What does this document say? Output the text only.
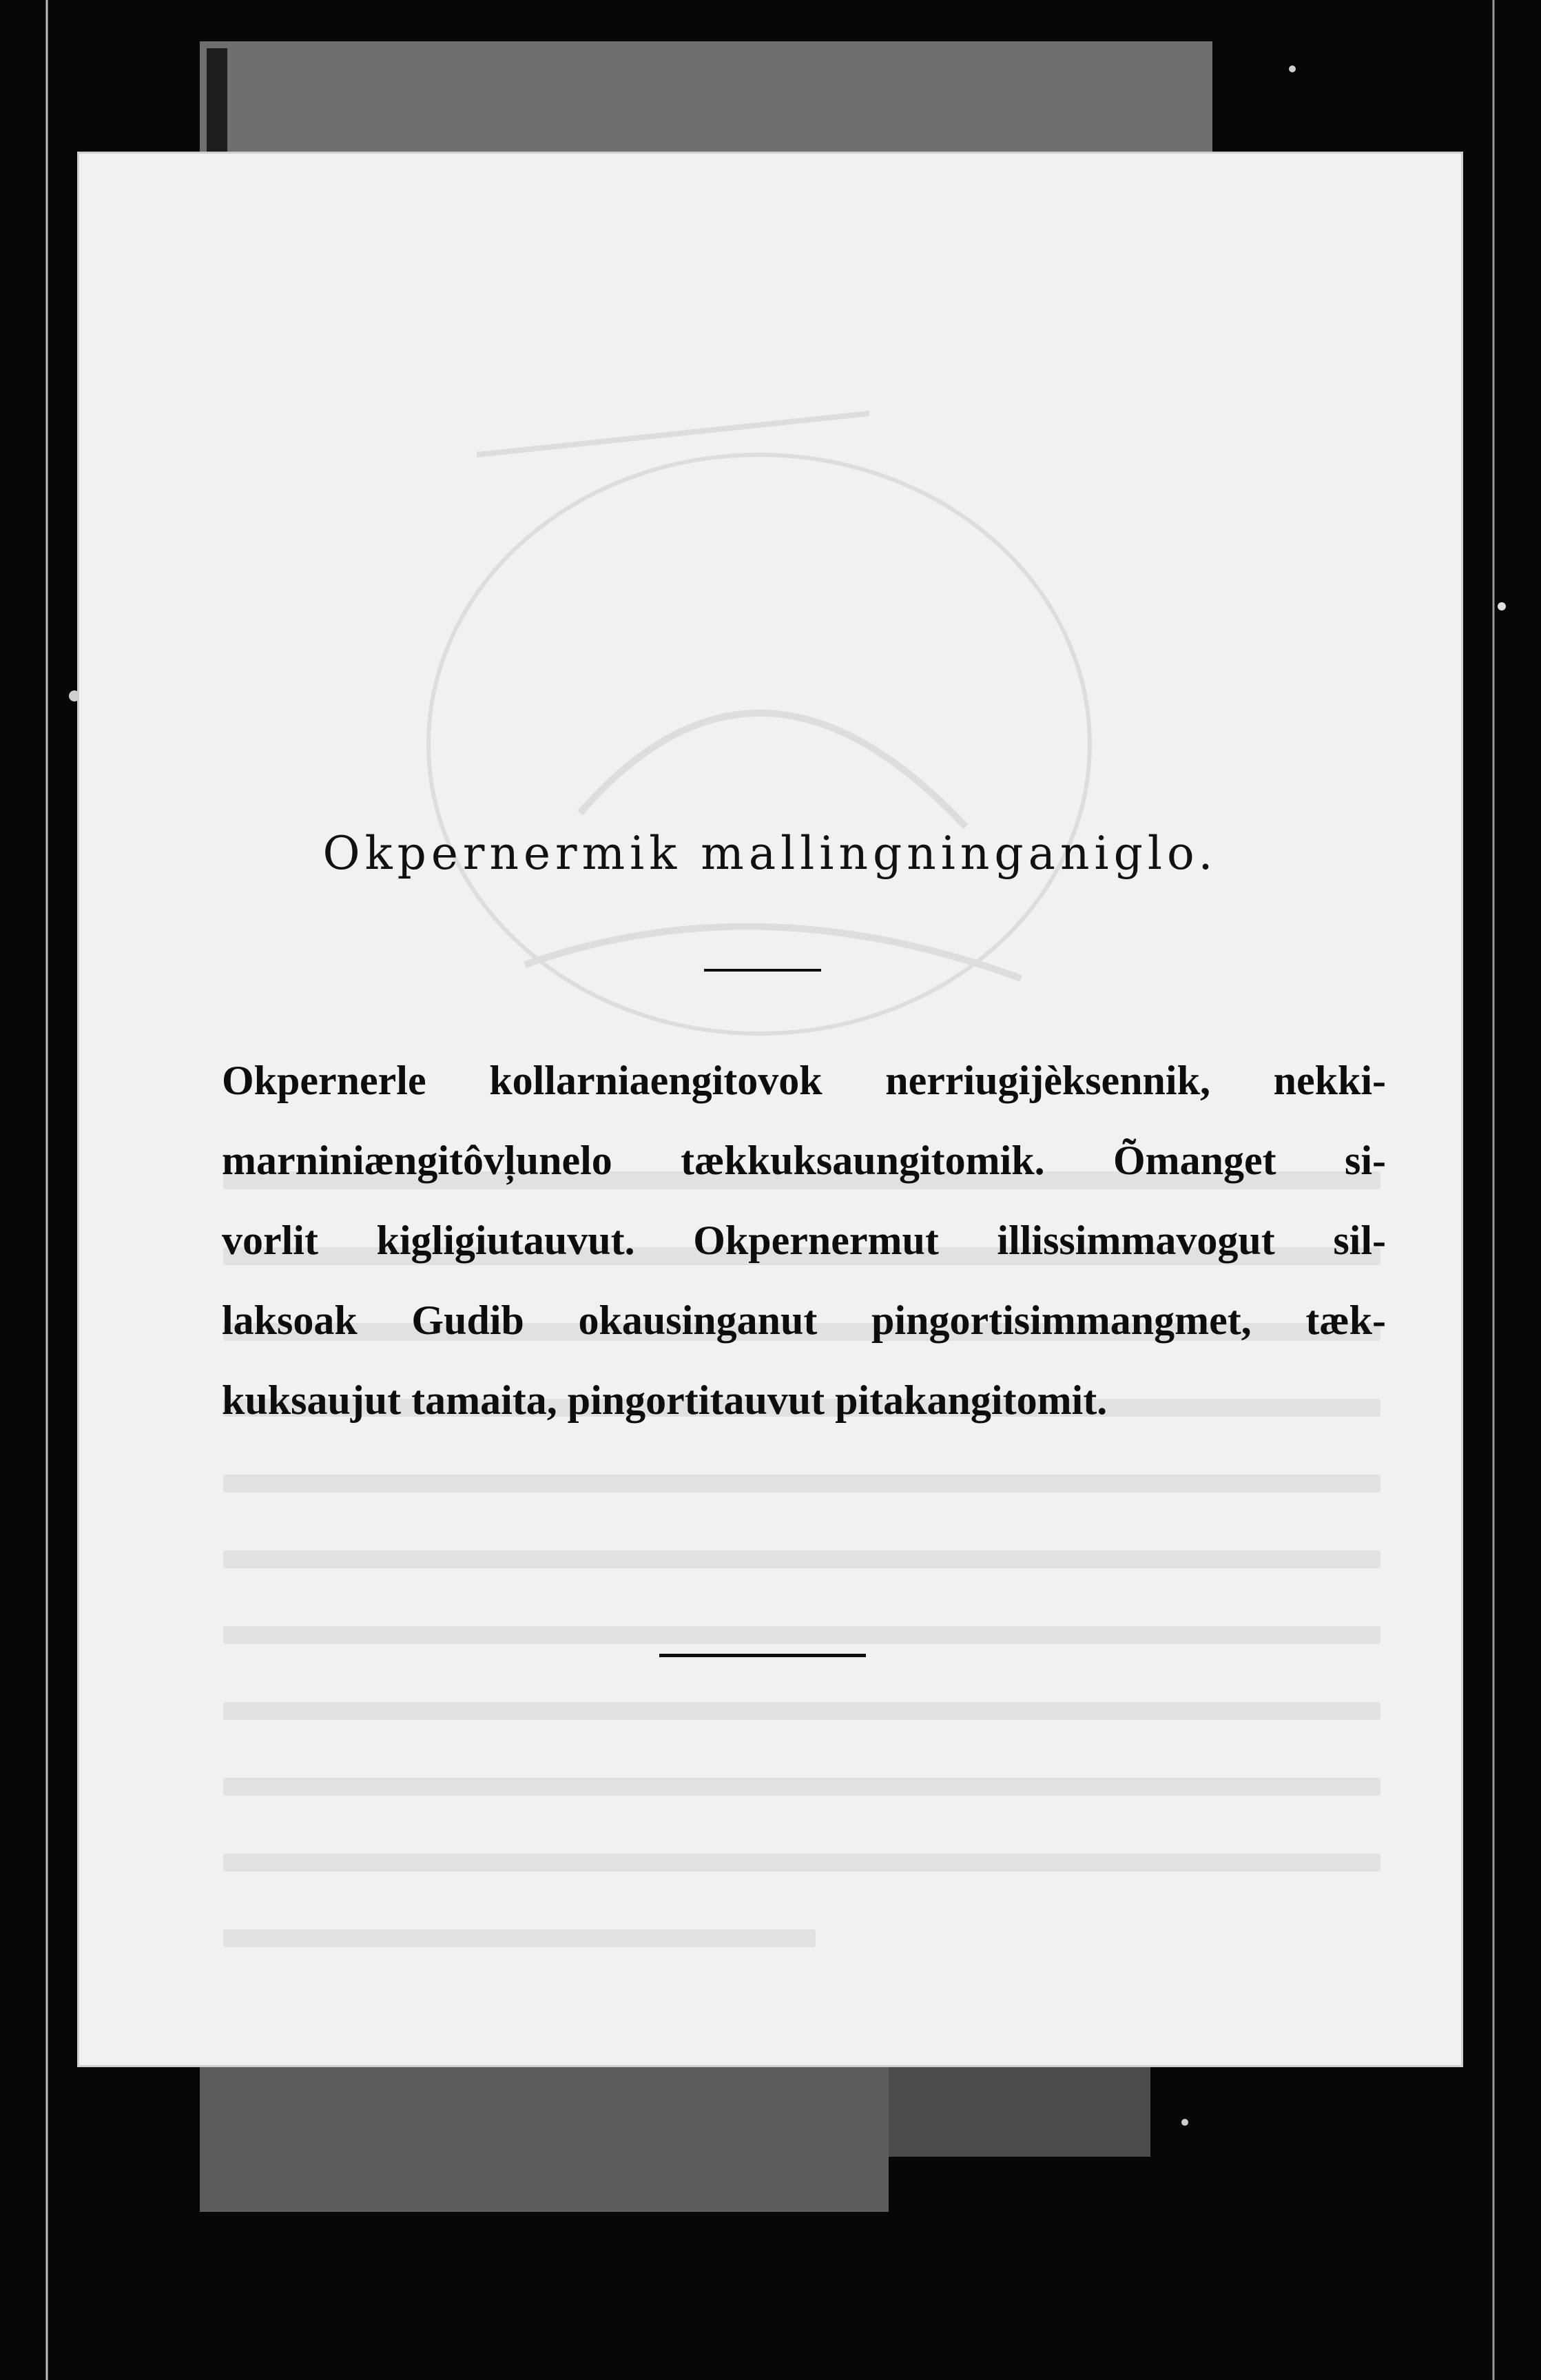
Okpernermik mallingninganiglo.
Okpernerle kollarniaengitovok nerriugijèksennik, nekki-
marniniængitôvļunelo tækkuksaungitomik. Õmanget si-
vorlit kigligiutauvut. Okpernermut illissimmavogut sil-
laksoak Gudib okausinganut pingortisimmangmet, tæk-
kuksaujut tamaita, pingortitauvut pitakangitomit.
